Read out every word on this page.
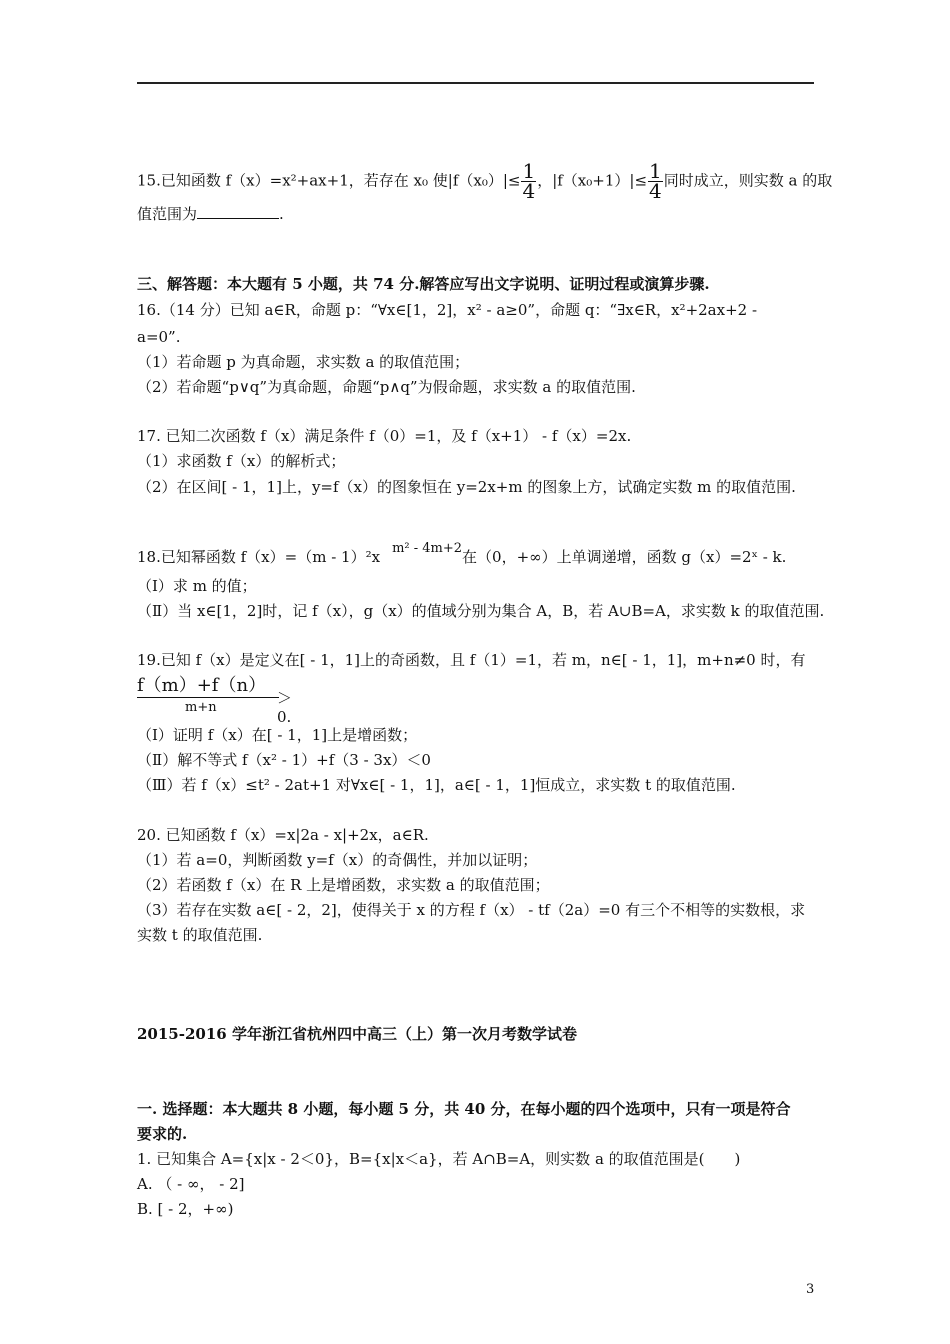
15.已知函数 f（x）=x²+ax+1，若存在 x₀ 使$|f(x_0)|\le \frac{1}{4}$ ，$|f(x_0+1)|\le \frac{1}{4}$ 同时成立，则实数 a 的取
值范围为	.
三、解答题：本大题有 5 小题，共 74 分.解答应写出文字说明、证明过程或演算步骤.
16.（14 分）已知 a∈R，命题 p：“∀x∈[1，2]，x² - a≥0”，命题 q：“∃x∈R，x²+2ax+2 -
a=0”.
（1）若命题 p 为真命题，求实数 a 的取值范围；
（2）若命题“p∨q”为真命题，命题“p∧q”为假命题，求实数 a 的取值范围.
17. 已知二次函数 f（x）满足条件 f（0）=1，及 f（x+1） - f（x）=2x.
（1）求函数 f（x）的解析式；
（2）在区间[ - 1，1]上，y=f（x）的图象恒在 y=2x+m 的图象上方，试确定实数 m 的取值范围.
18.已知幂函数 f（x）=（m - 1）²x m² - 4m+2在（0，+∞）上单调递增，函数 g（x）=2ˣ - k.
（Ⅰ）求 m 的值；
（Ⅱ）当 x∈[1，2]时，记 f（x），g（x）的值域分别为集合 A，B，若 A∪B=A，求实数 k 的取值范围.
19.已知 f（x）是定义在[ - 1，1]上的奇函数，且 f（1）=1，若 m，n∈[ - 1，1]，m+n≠0 时，有
f（m）+f（n）
m+n
＞0.
（Ⅰ）证明 f（x）在[ - 1，1]上是增函数；
（Ⅱ）解不等式 f（x² - 1）+f（3 - 3x）＜0
（Ⅲ）若 f（x）≤t² - 2at+1 对∀x∈[ - 1，1]，a∈[ - 1，1]恒成立，求实数 t 的取值范围.
20. 已知函数 f（x）=x|2a - x|+2x，a∈R.
（1）若 a=0，判断函数 y=f（x）的奇偶性，并加以证明；
（2）若函数 f（x）在 R 上是增函数，求实数 a 的取值范围；
（3）若存在实数 a∈[ - 2，2]，使得关于 x 的方程 f（x） - tf（2a）=0 有三个不相等的实数根，求
实数 t 的取值范围.
2015-2016 学年浙江省杭州四中高三（上）第一次月考数学试卷
一. 选择题：本大题共 8 小题，每小题 5 分，共 40 分，在每小题的四个选项中，只有一项是符合
要求的.
1. 已知集合 A={x|x - 2＜0}，B={x|x＜a}，若 A∩B=A，则实数 a 的取值范围是(　　)
A. （ - ∞， - 2]
B. [ - 2，+∞)
3
